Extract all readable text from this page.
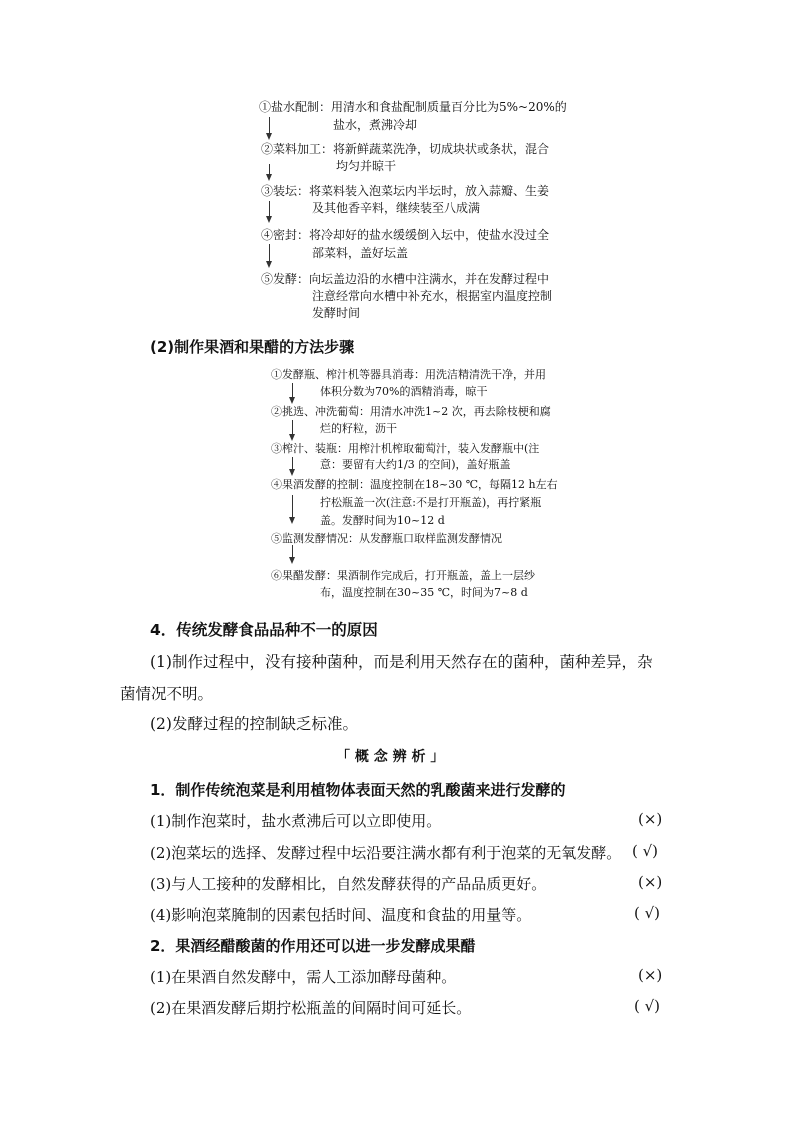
①盐水配制：用清水和食盐配制质量百分比为5%~20%的
盐水，煮沸冷却
②菜料加工：将新鲜蔬菜洗净，切成块状或条状，混合
均匀并晾干
③装坛：将菜料装入泡菜坛内半坛时，放入蒜瓣、生姜
及其他香辛料，继续装至八成满
④密封：将冷却好的盐水缓缓倒入坛中，使盐水没过全
部菜料，盖好坛盖
⑤发酵：向坛盖边沿的水槽中注满水，并在发酵过程中
注意经常向水槽中补充水，根据室内温度控制
发酵时间
(2)制作果酒和果醋的方法步骤
①发酵瓶、榨汁机等器具消毒：用洗洁精清洗干净，并用
体积分数为70%的酒精消毒，晾干
②挑选、冲洗葡萄：用清水冲洗1~2 次，再去除枝梗和腐
烂的籽粒，沥干
③榨汁、装瓶：用榨汁机榨取葡萄汁，装入发酵瓶中(注
意：要留有大约1/3 的空间)，盖好瓶盖
④果酒发酵的控制：温度控制在18~30 ℃，每隔12 h左右
拧松瓶盖一次(注意:不是打开瓶盖)，再拧紧瓶
盖。发酵时间为10~12 d
⑤监测发酵情况：从发酵瓶口取样监测发酵情况
⑥果醋发酵：果酒制作完成后，打开瓶盖，盖上一层纱
布，温度控制在30~35 ℃，时间为7~8 d
4．传统发酵食品品种不一的原因
(1)制作过程中，没有接种菌种，而是利用天然存在的菌种，菌种差异，杂
菌情况不明。
(2)发酵过程的控制缺乏标准。
「 概 念 辨 析 」
1．制作传统泡菜是利用植物体表面天然的乳酸菌来进行发酵的
(1)制作泡菜时，盐水煮沸后可以立即使用。	(×)
(2)泡菜坛的选择、发酵过程中坛沿要注满水都有利于泡菜的无氧发酵。 ( √)
(3)与人工接种的发酵相比，自然发酵获得的产品品质更好。	(×)
(4)影响泡菜腌制的因素包括时间、温度和食盐的用量等。	( √)
2．果酒经醋酸菌的作用还可以进一步发酵成果醋
(1)在果酒自然发酵中，需人工添加酵母菌种。	(×)
(2)在果酒发酵后期拧松瓶盖的间隔时间可延长。	( √)
